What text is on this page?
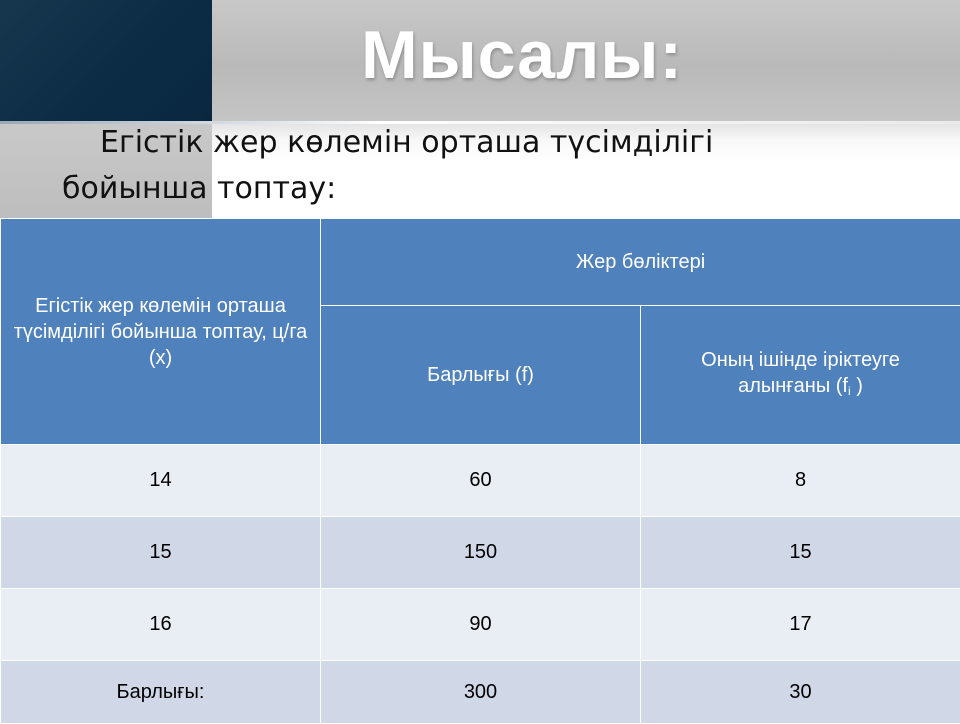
Мысалы:
Егістік жер көлемін орташа түсімділігі
бойынша топтау:
Егістік жер көлемін орташа түсімділігі бойынша топтау, ц/га (x)	Жер бөліктері	
	Барлығы (f)	Оның ішінде іріктеуге алынғаны (fi )
14	60	8
15	150	15
16	90	17
Барлығы:	300	30
